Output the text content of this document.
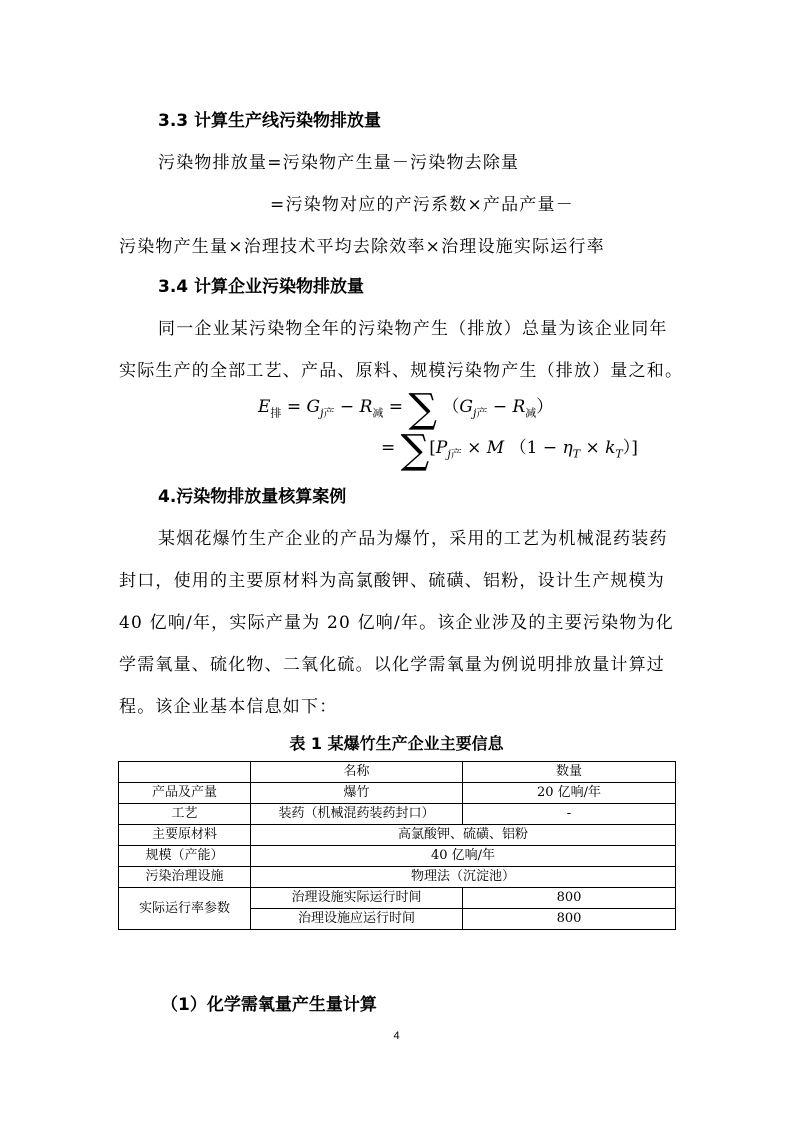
3.3 计算生产线污染物排放量
污染物排放量=污染物产生量－污染物去除量
=污染物对应的产污系数×产品产量－
污染物产生量×治理技术平均去除效率×治理设施实际运行率
3.4 计算企业污染物排放量
同一企业某污染物全年的污染物产生（排放）总量为该企业同年
实际生产的全部工艺、产品、原料、规模污染物产生（排放）量之和。
$E_排 = G_{j产} - R_减$ = ∑ $(G_{j产} - R_减)$
= $\sum[P_{j产} \times M$ $(1 - \eta_T \times k_T)$]
4.污染物排放量核算案例
某烟花爆竹生产企业的产品为爆竹，采用的工艺为机械混药装药
封口，使用的主要原材料为高氯酸钾、硫磺、铝粉，设计生产规模为
40 亿响/年，实际产量为 20 亿响/年。该企业涉及的主要污染物为化
学需氧量、硫化物、二氧化硫。以化学需氧量为例说明排放量计算过
程。该企业基本信息如下：
表 1 某爆竹生产企业主要信息
	名称	数量
产品及产量	爆竹	20 亿响/年
工艺	装药（机械混药装药封口）	-
主要原材料	高氯酸钾、硫磺、铝粉	
规模（产能）	40 亿响/年	
污染治理设施	物理法（沉淀池）	
实际运行率参数	治理设施实际运行时间	800
	治理设施应运行时间	800
（1）化学需氧量产生量计算
4
